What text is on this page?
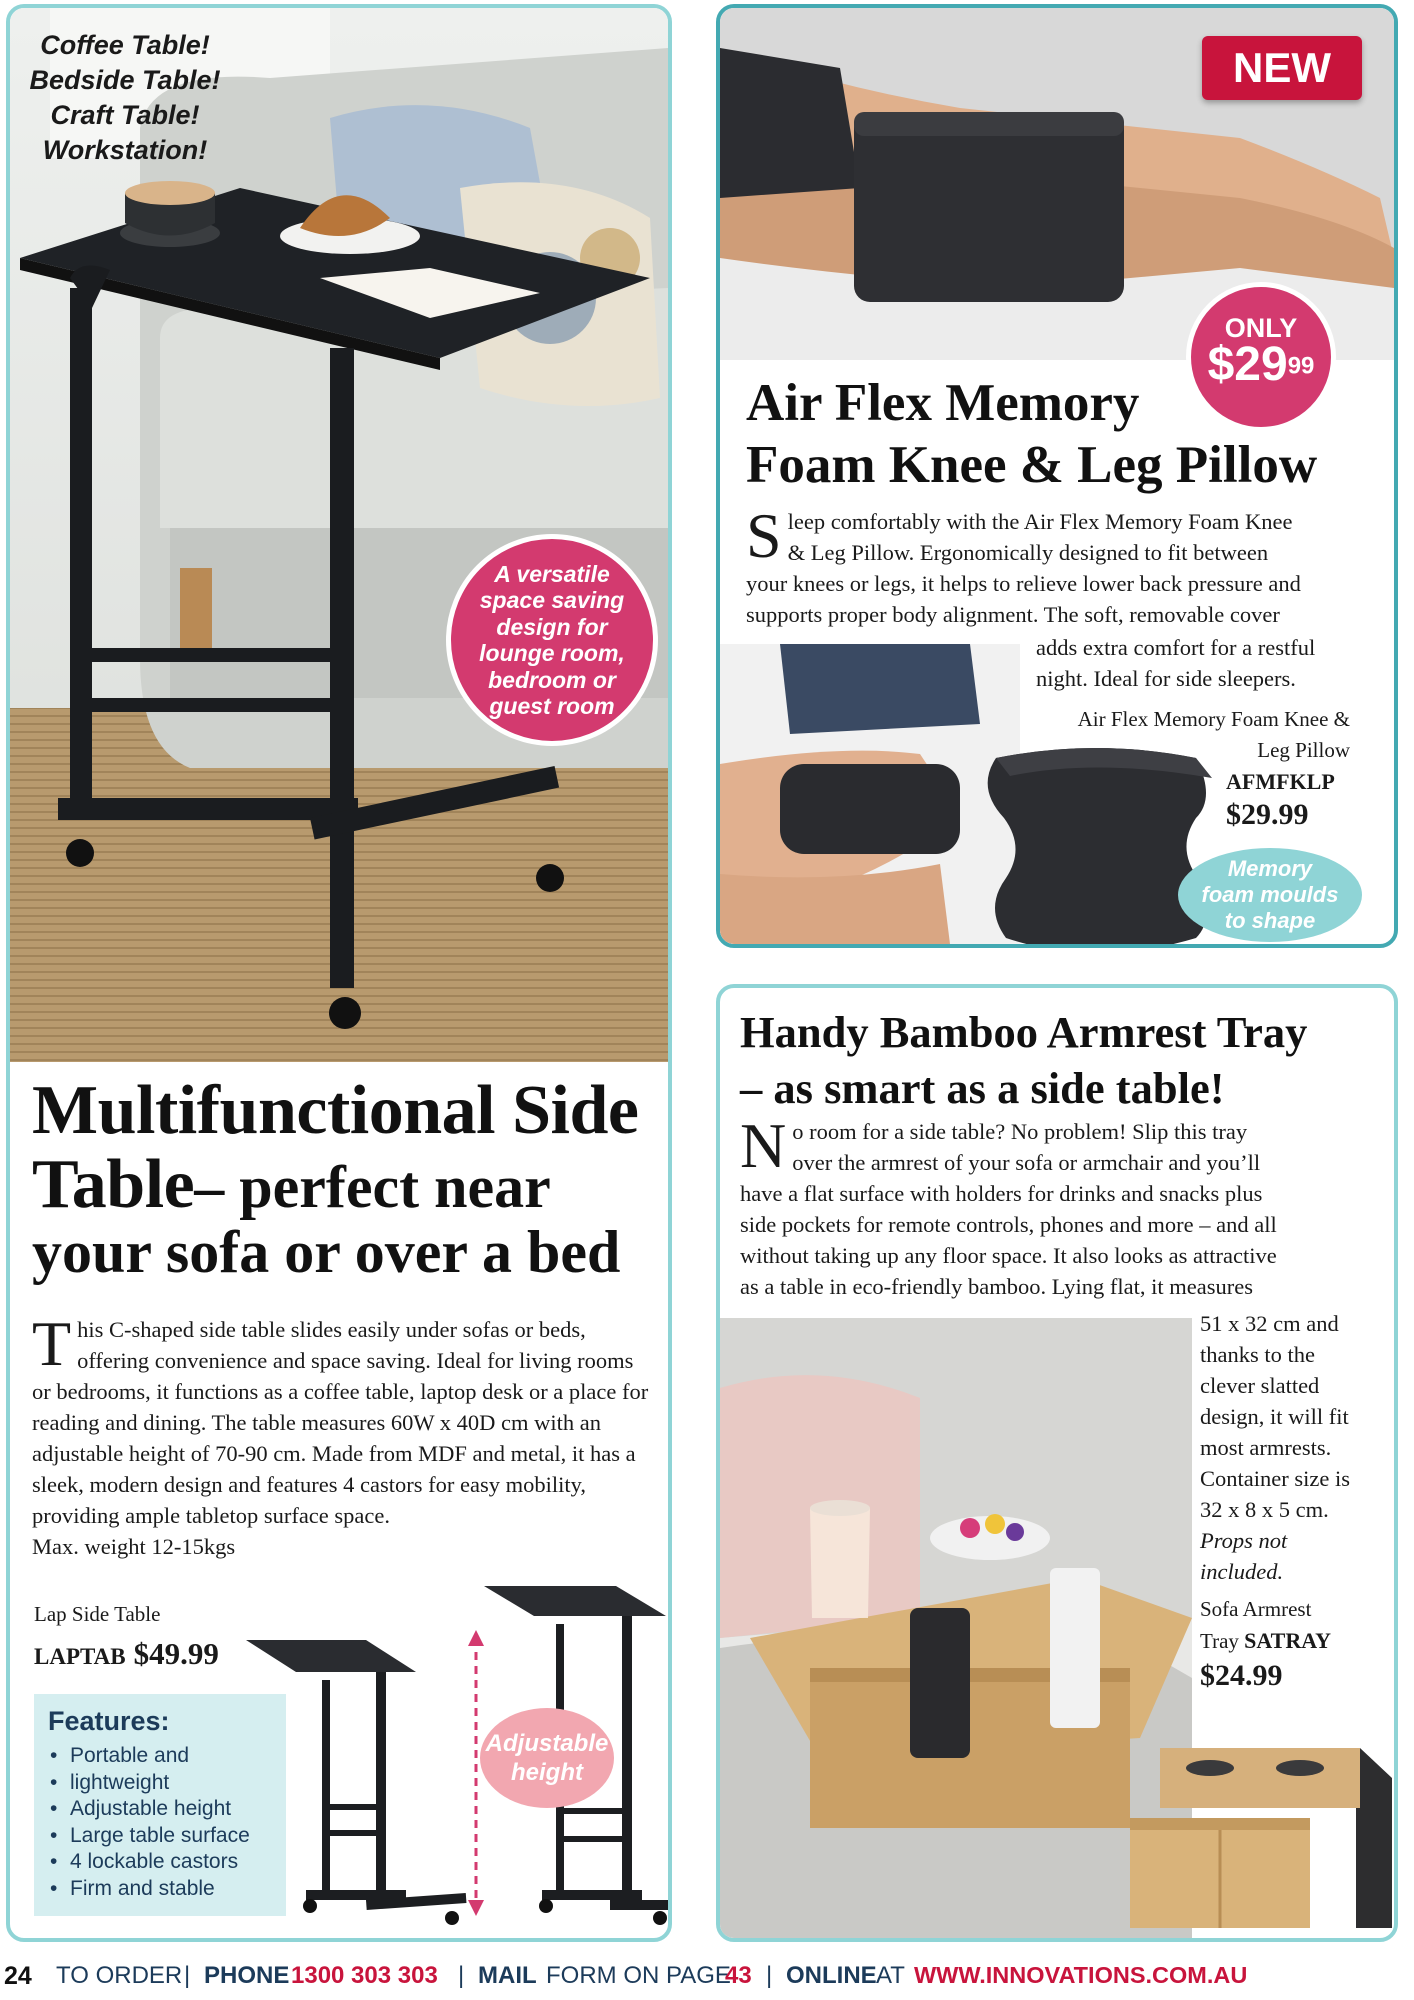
Coffee Table!
Bedside Table!
Craft Table!
Workstation!
A versatile
space saving
design for
lounge room,
bedroom or
guest room
Multifunctional Side Table– perfect near your sofa or over a bed
This C-shaped side table slides easily under sofas or beds, offering convenience and space saving. Ideal for living rooms or bedrooms, it functions as a coffee table, laptop desk or a place for reading and dining. The table measures 60W x 40D cm with an adjustable height of 70-90 cm. Made from MDF and metal, it has a sleek, modern design and features 4 castors for easy mobility, providing ample tabletop surface space.
Max. weight 12-15kgs
Lap Side Table
LAPTAB $49.99
Features:
• Portable and
• lightweight
• Adjustable height
• Large table surface
• 4 lockable castors
• Firm and stable
Adjustable
height
NEW
ONLY
$\$29^{99}$
Air Flex Memory
Foam Knee & Leg Pillow
S leep comfortably with the Air Flex Memory Foam Knee
& Leg Pillow. Ergonomically designed to fit between
your knees or legs, it helps to relieve lower back pressure and
supports proper body alignment. The soft, removable cover
adds extra comfort for a restful
night. Ideal for side sleepers.
Air Flex Memory Foam Knee &
Leg Pillow
AFMFKLP
$29.99
Memory
foam moulds
to shape
Handy Bamboo Armrest Tray
– as smart as a side table!
N o room for a side table? No problem! Slip this tray
over the armrest of your sofa or armchair and you’ll
have a flat surface with holders for drinks and snacks plus
side pockets for remote controls, phones and more – and all
without taking up any floor space. It also looks as attractive
as a table in eco-friendly bamboo. Lying flat, it measures
51 x 32 cm and
thanks to the
clever slatted
design, it will fit
most armrests.
Container size is
32 x 8 x 5 cm.
Props not
included.
Sofa Armrest
Tray SATRAY
$24.99
24 TO ORDER | PHONE 1300 303 303 | MAIL FORM ON PAGE
43 | ONLINE AT WWW.INNOVATIONS.COM.AU
